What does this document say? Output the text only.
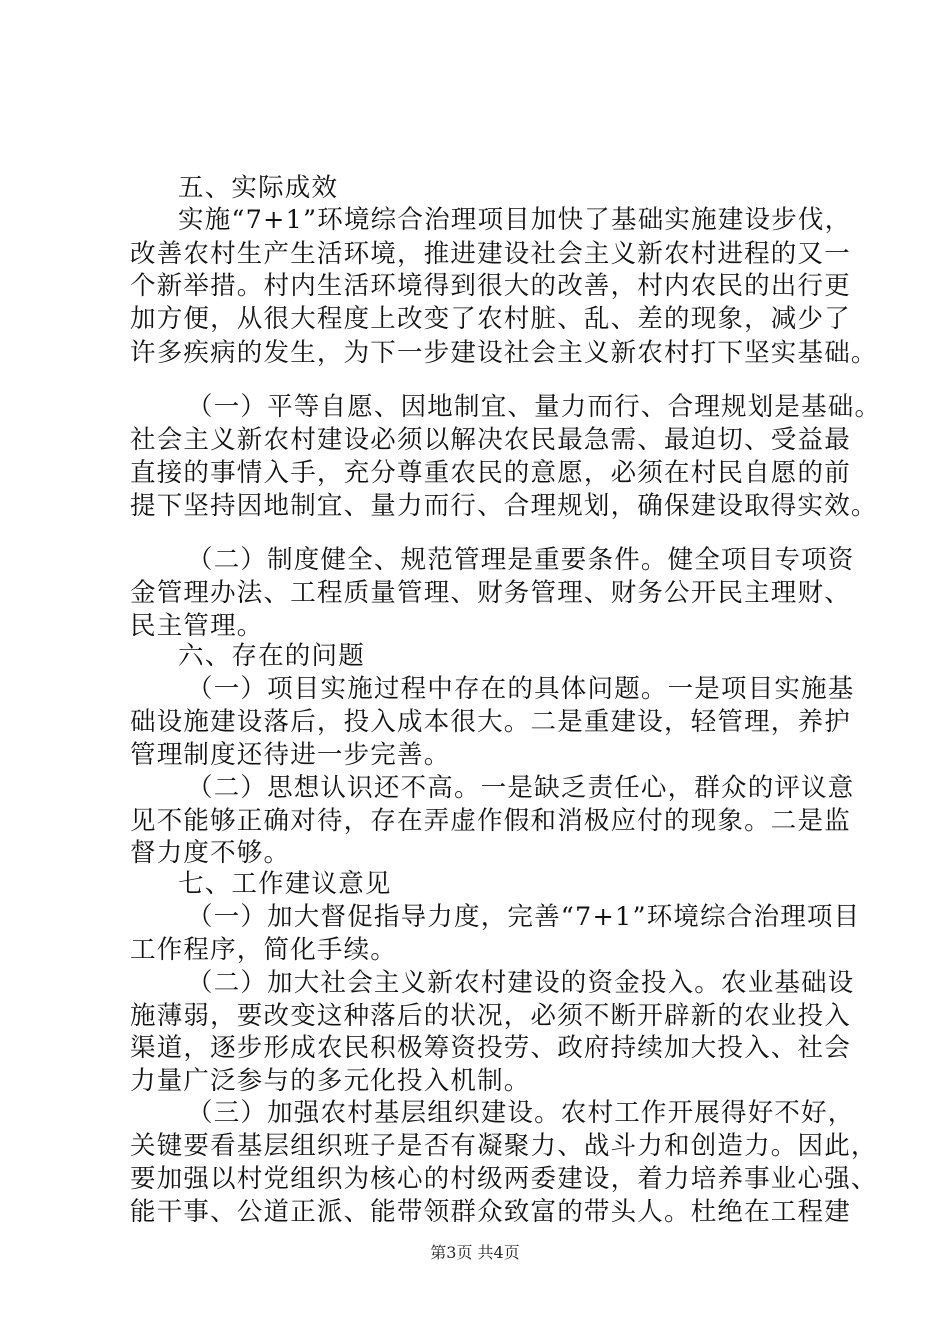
五、实际成效
实施“7+1”环境综合治理项目加快了基础实施建设步伐，
改善农村生产生活环境，推进建设社会主义新农村进程的又一
个新举措。村内生活环境得到很大的改善，村内农民的出行更
加方便，从很大程度上改变了农村脏、乱、差的现象，减少了
许多疾病的发生，为下一步建设社会主义新农村打下坚实基础。
（一）平等自愿、因地制宜、量力而行、合理规划是基础。
社会主义新农村建设必须以解决农民最急需、最迫切、受益最
直接的事情入手，充分尊重农民的意愿，必须在村民自愿的前
提下坚持因地制宜、量力而行、合理规划，确保建设取得实效。
（二）制度健全、规范管理是重要条件。健全项目专项资
金管理办法、工程质量管理、财务管理、财务公开民主理财、
民主管理。
六、存在的问题
（一）项目实施过程中存在的具体问题。一是项目实施基
础设施建设落后，投入成本很大。二是重建设，轻管理，养护
管理制度还待进一步完善。
（二）思想认识还不高。一是缺乏责任心，群众的评议意
见不能够正确对待，存在弄虚作假和消极应付的现象。二是监
督力度不够。
七、工作建议意见
（一）加大督促指导力度，完善“7+1”环境综合治理项目
工作程序，简化手续。
（二）加大社会主义新农村建设的资金投入。农业基础设
施薄弱，要改变这种落后的状况，必须不断开辟新的农业投入
渠道，逐步形成农民积极筹资投劳、政府持续加大投入、社会
力量广泛参与的多元化投入机制。
（三）加强农村基层组织建设。农村工作开展得好不好，
关键要看基层组织班子是否有凝聚力、战斗力和创造力。因此，
要加强以村党组织为核心的村级两委建设，着力培养事业心强、
能干事、公道正派、能带领群众致富的带头人。杜绝在工程建
第3页 共4页
